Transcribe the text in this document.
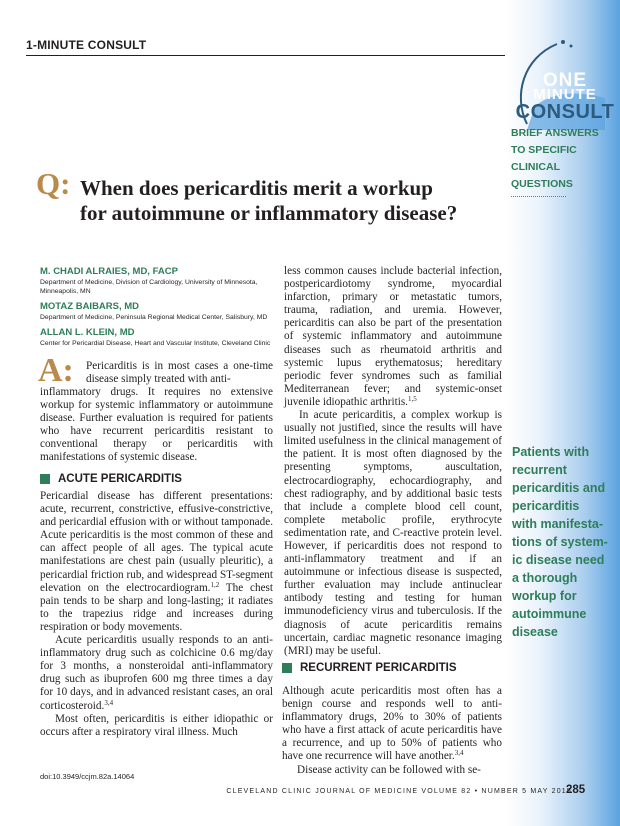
1-MINUTE CONSULT
ONE
MINUTE
CONSULT
BRIEF ANSWERS
TO SPECIFIC
CLINICAL
QUESTIONS
Q: When does pericarditis merit a workup
for autoimmune or inflammatory disease?
M. CHADI ALRAIES, MD, FACP
Department of Medicine, Division of Cardiology, University of Minnesota, Minneapolis, MN
MOTAZ BAIBARS, MD
Department of Medicine, Peninsula Regional Medical Center, Salisbury, MD
ALLAN L. KLEIN, MD
Center for Pericardial Disease, Heart and Vascular Institute, Cleveland Clinic
A: Pericarditis is in most cases a one-time disease simply treated with anti-
inflammatory drugs. It requires no extensive workup for systemic inflammatory or autoimmune disease. Further evaluation is required for patients who have recurrent pericarditis resistant to conventional therapy or pericarditis with manifestations of systemic disease.
ACUTE PERICARDITIS

Pericardial disease has different presentations: acute, recurrent, constrictive, effusive-constrictive, and pericardial effusion with or without tamponade. Acute pericarditis is the most common of these and can affect people of all ages. The typical acute manifestations are chest pain (usually pleuritic), a pericardial friction rub, and widespread ST-segment elevation on the electrocardiogram.$^{1,2}$ The chest pain tends to be sharp and long-lasting; it radiates to the trapezius ridge and increases during respiration or body movements.

Acute pericarditis usually responds to an anti-inflammatory drug such as colchicine 0.6 mg/day for 3 months, a nonsteroidal anti-inflammatory drug such as ibuprofen 600 mg three times a day for 10 days, and in advanced resistant cases, an oral corticosteroid.$^{3,4}$

Most often, pericarditis is either idiopathic or occurs after a respiratory viral illness. Much

less common causes include bacterial infection, postpericardiotomy syndrome, myocardial infarction, primary or metastatic tumors, trauma, radiation, and uremia. However, pericarditis can also be part of the presentation of systemic inflammatory and autoimmune diseases such as rheumatoid arthritis and systemic lupus erythematosus; hereditary periodic fever syndromes such as familial Mediterranean fever; and systemic-onset juvenile idiopathic arthritis.$^{1,5}$

In acute pericarditis, a complex workup is usually not justified, since the results will have limited usefulness in the clinical management of the patient. It is most often diagnosed by the presenting symptoms, auscultation, electrocardiography, echocardiography, and chest radiography, and by additional basic tests that include a complete blood cell count, complete metabolic profile, erythrocyte sedimentation rate, and C-reactive protein level. However, if pericarditis does not respond to anti-inflammatory treatment and if an autoimmune or infectious disease is suspected, further evaluation may include antinuclear antibody testing and testing for human immunodeficiency virus and tuberculosis. If the diagnosis of acute pericarditis remains uncertain, cardiac magnetic resonance imaging (MRI) may be useful.

RECURRENT PERICARDITIS

Although acute pericarditis most often has a benign course and responds well to anti-inflammatory drugs, 20% to 30% of patients who have a first attack of acute pericarditis have a recurrence, and up to 50% of patients who have one recurrence will have another.$^{3,4}$

Disease activity can be followed with se-

Patients with
recurrent
pericarditis and
pericarditis
with manifesta-
tions of system-
ic disease need
a thorough
workup for
autoimmune
disease
doi:10.3949/ccjm.82a.14064
CLEVELAND CLINIC JOURNAL OF MEDICINE VOLUME 82 • NUMBER 5 MAY 2015
285
